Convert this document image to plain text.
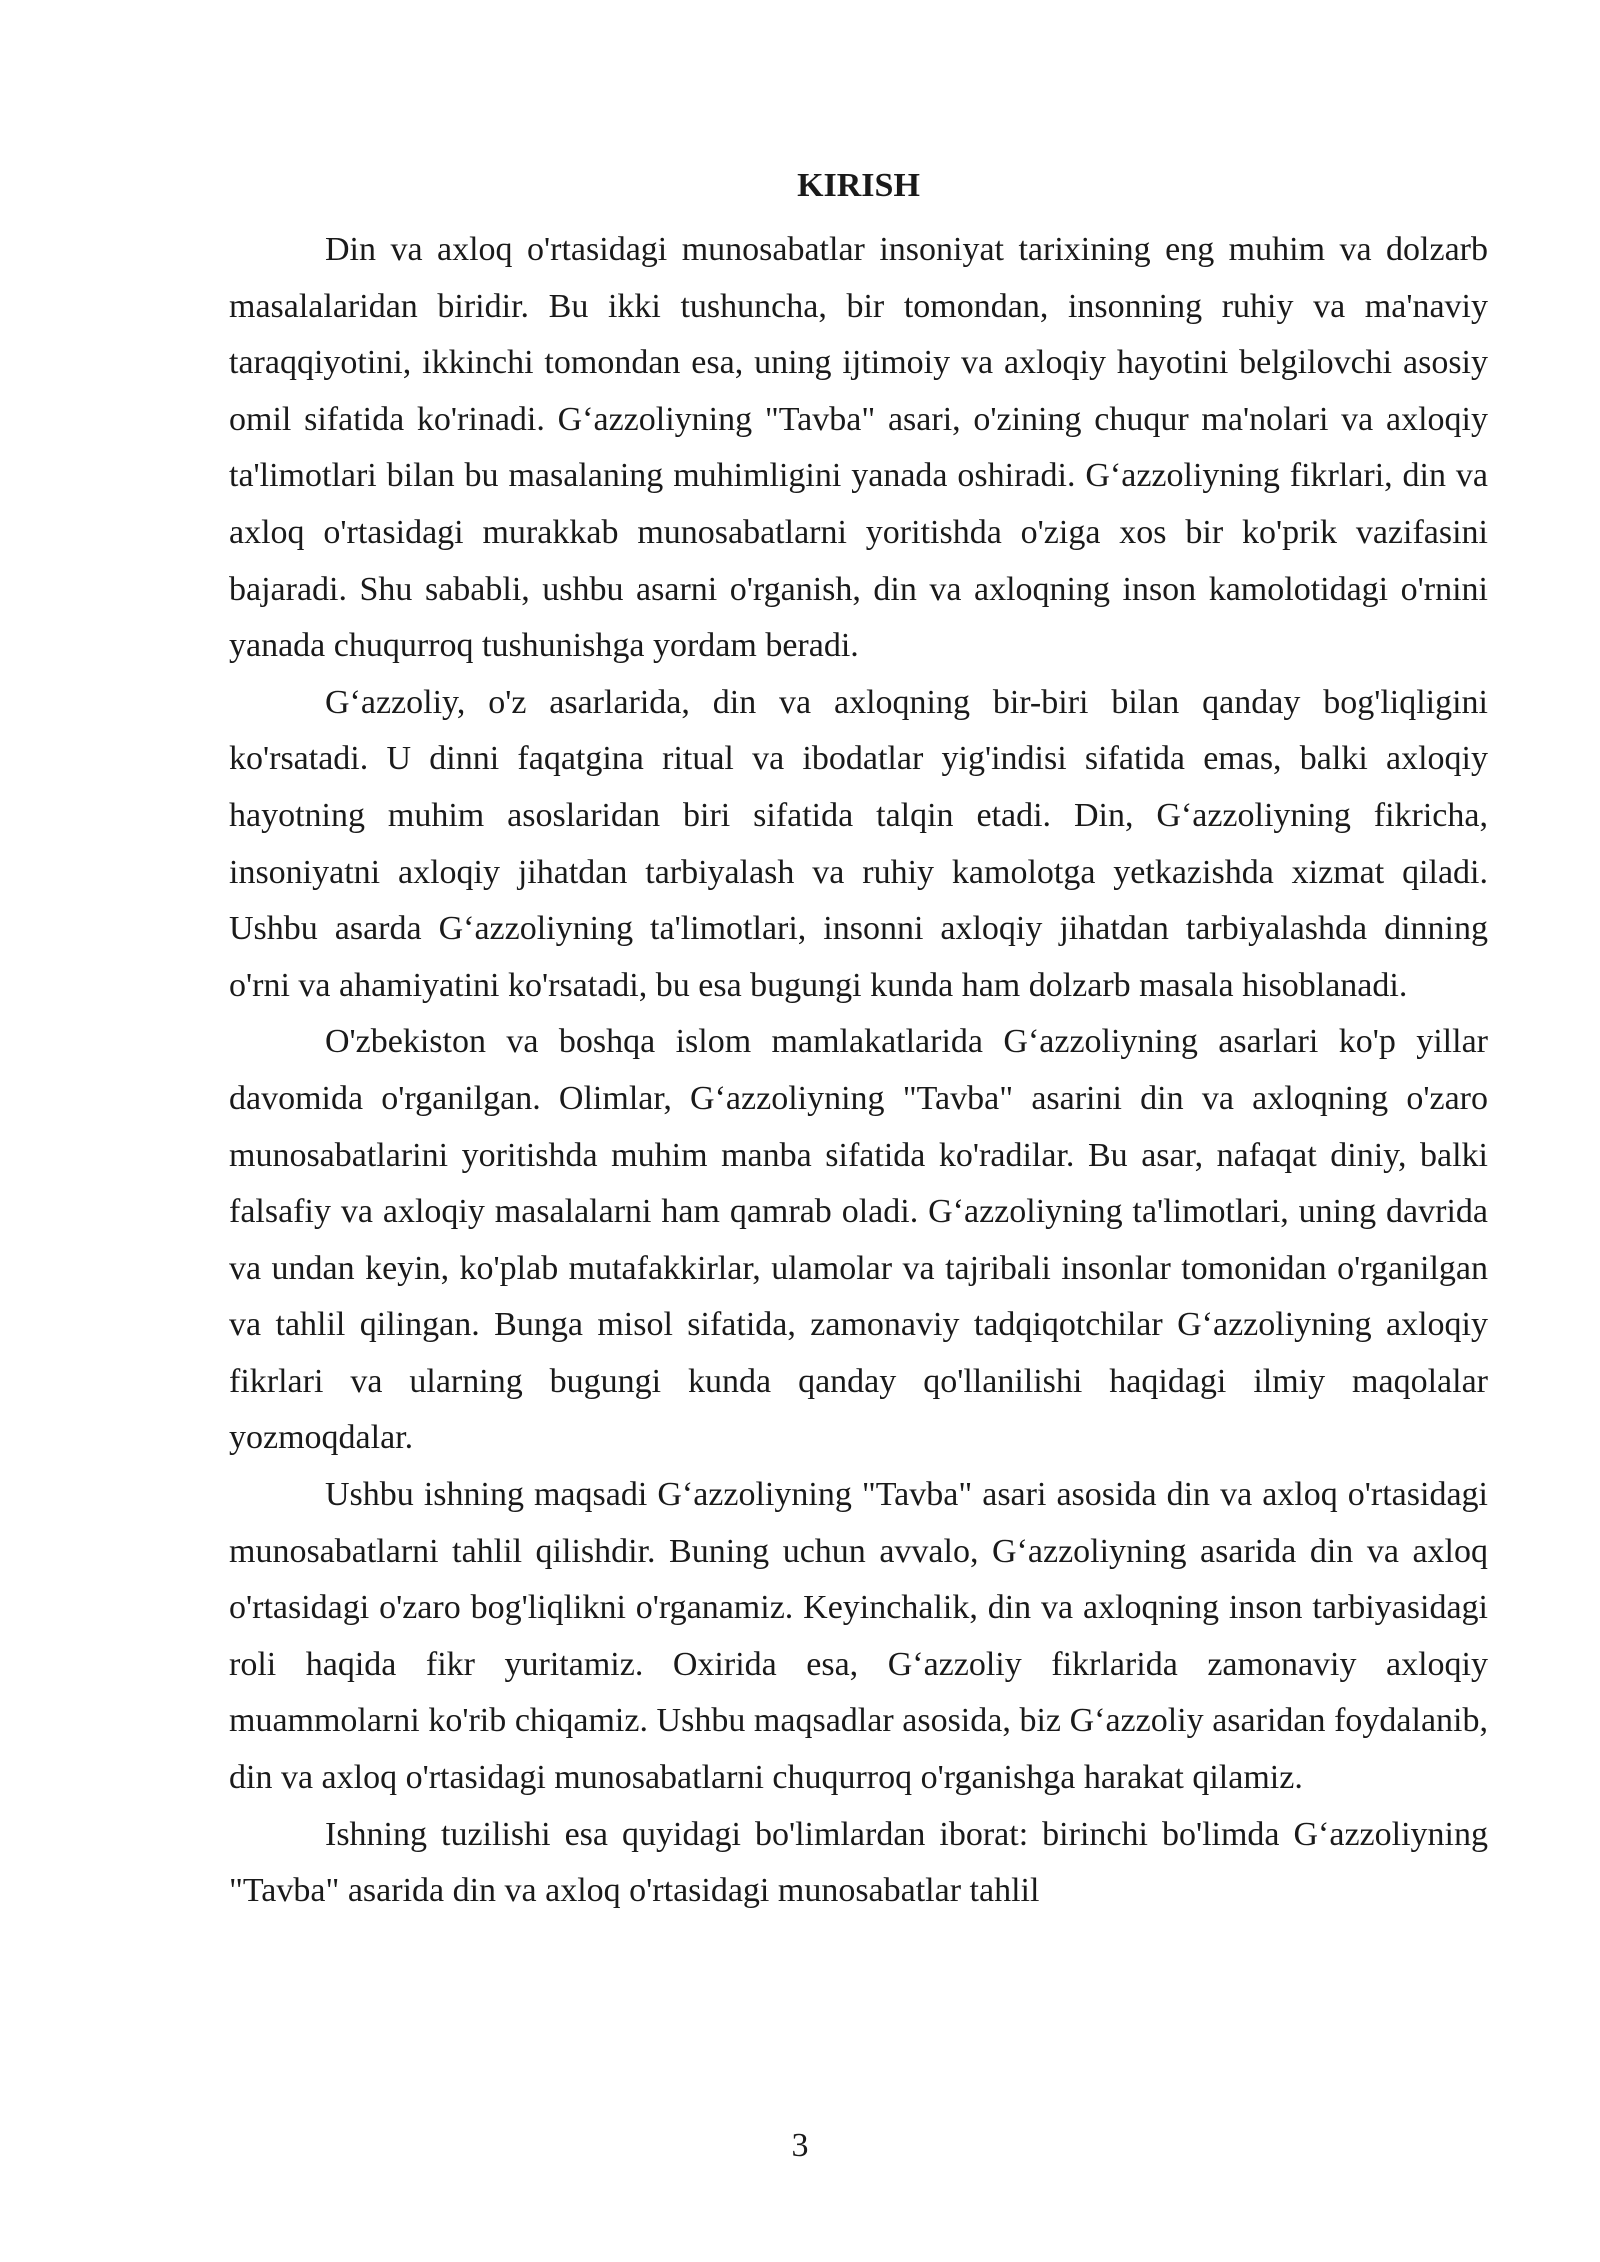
KIRISH

Din va axloq o'rtasidagi munosabatlar insoniyat tarixining eng muhim va dolzarb masalalaridan biridir. Bu ikki tushuncha, bir tomondan, insonning ruhiy va ma'naviy taraqqiyotini, ikkinchi tomondan esa, uning ijtimoiy va axloqiy hayotini belgilovchi asosiy omil sifatida ko'rinadi. G‘azzoliyning "Tavba" asari, o'zining chuqur ma'nolari va axloqiy ta'limotlari bilan bu masalaning muhimligini yanada oshiradi. G‘azzoliyning fikrlari, din va axloq o'rtasidagi murakkab munosabatlarni yoritishda o'ziga xos bir ko'prik vazifasini bajaradi. Shu sababli, ushbu asarni o'rganish, din va axloqning inson kamolotidagi o'rnini yanada chuqurroq tushunishga yordam beradi.

G‘azzoliy, o'z asarlarida, din va axloqning bir-biri bilan qanday bog'liqligini ko'rsatadi. U dinni faqatgina ritual va ibodatlar yig'indisi sifatida emas, balki axloqiy hayotning muhim asoslaridan biri sifatida talqin etadi. Din, G‘azzoliyning fikricha, insoniyatni axloqiy jihatdan tarbiyalash va ruhiy kamolotga yetkazishda xizmat qiladi. Ushbu asarda G‘azzoliyning ta'limotlari, insonni axloqiy jihatdan tarbiyalashda dinning o'rni va ahamiyatini ko'rsatadi, bu esa bugungi kunda ham dolzarb masala hisoblanadi.

O'zbekiston va boshqa islom mamlakatlarida G‘azzoliyning asarlari ko'p yillar davomida o'rganilgan. Olimlar, G‘azzoliyning "Tavba" asarini din va axloqning o'zaro munosabatlarini yoritishda muhim manba sifatida ko'radilar. Bu asar, nafaqat diniy, balki falsafiy va axloqiy masalalarni ham qamrab oladi. G‘azzoliyning ta'limotlari, uning davrida va undan keyin, ko'plab mutafakkirlar, ulamolar va tajribali insonlar tomonidan o'rganilgan va tahlil qilingan. Bunga misol sifatida, zamonaviy tadqiqotchilar G‘azzoliyning axloqiy fikrlari va ularning bugungi kunda qanday qo'llanilishi haqidagi ilmiy maqolalar yozmoqdalar.

Ushbu ishning maqsadi G‘azzoliyning "Tavba" asari asosida din va axloq o'rtasidagi munosabatlarni tahlil qilishdir. Buning uchun avvalo, G‘azzoliyning asarida din va axloq o'rtasidagi o'zaro bog'liqlikni o'rganamiz. Keyinchalik, din va axloqning inson tarbiyasidagi roli haqida fikr yuritamiz. Oxirida esa, G‘azzoliy fikrlarida zamonaviy axloqiy muammolarni ko'rib chiqamiz. Ushbu maqsadlar asosida, biz G‘azzoliy asaridan foydalanib, din va axloq o'rtasidagi munosabatlarni chuqurroq o'rganishga harakat qilamiz.

Ishning tuzilishi esa quyidagi bo'limlardan iborat: birinchi bo'limda G‘azzoliyning "Tavba" asarida din va axloq o'rtasidagi munosabatlar tahlil

3
